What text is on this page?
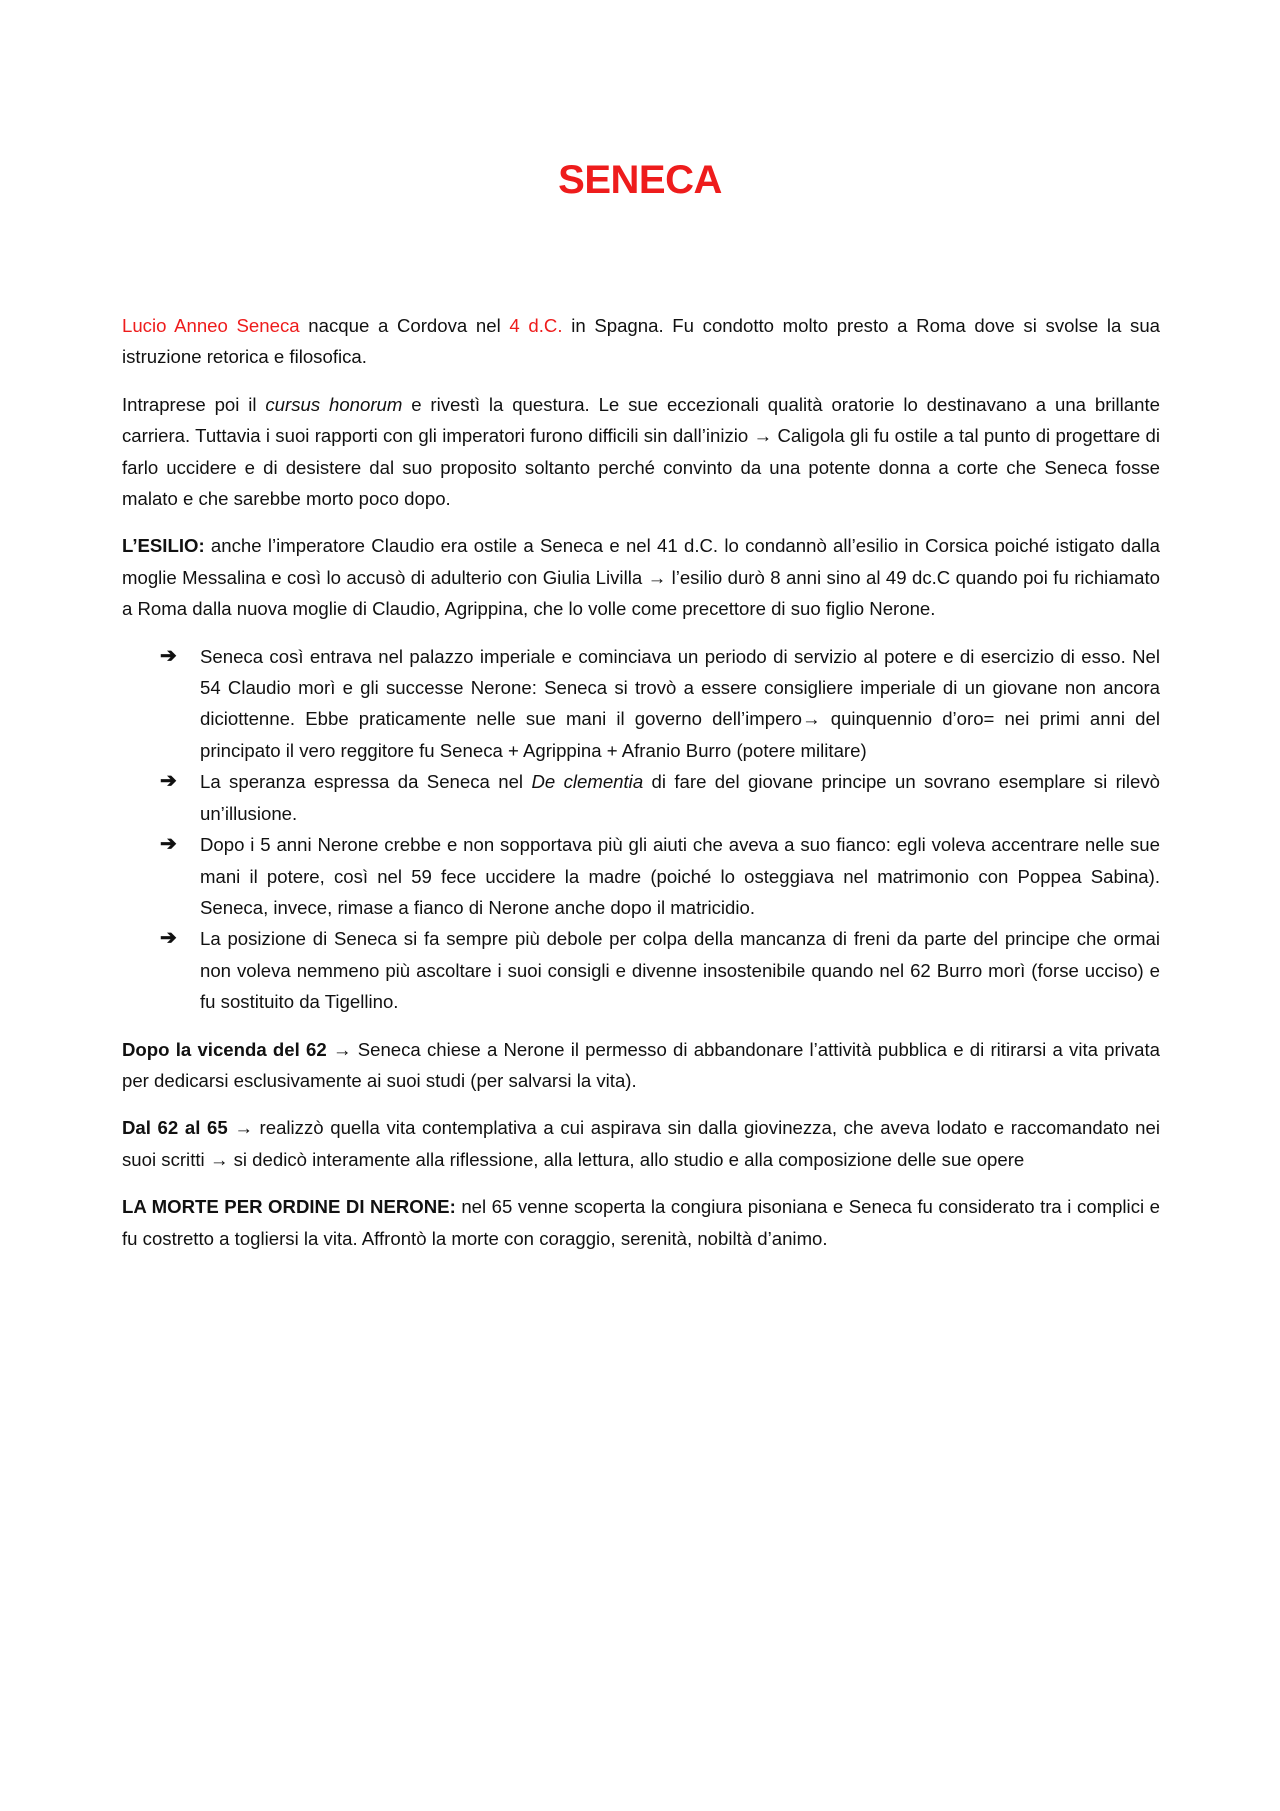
SENECA

Lucio Anneo Seneca nacque a Cordova nel 4 d.C. in Spagna. Fu condotto molto presto a Roma dove si svolse la sua istruzione retorica e filosofica.

Intraprese poi il cursus honorum e rivestì la questura. Le sue eccezionali qualità oratorie lo destinavano a una brillante carriera. Tuttavia i suoi rapporti con gli imperatori furono difficili sin dall’inizio → Caligola gli fu ostile a tal punto di progettare di farlo uccidere e di desistere dal suo proposito soltanto perché convinto da una potente donna a corte che Seneca fosse malato e che sarebbe morto poco dopo.

L’ESILIO: anche l’imperatore Claudio era ostile a Seneca e nel 41 d.C. lo condannò all’esilio in Corsica poiché istigato dalla moglie Messalina e così lo accusò di adulterio con Giulia Livilla → l’esilio durò 8 anni sino al 49 dc.C quando poi fu richiamato a Roma dalla nuova moglie di Claudio, Agrippina, che lo volle come precettore di suo figlio Nerone.

➔ Seneca così entrava nel palazzo imperiale e cominciava un periodo di servizio al potere e di esercizio di esso. Nel 54 Claudio morì e gli successe Nerone: Seneca si trovò a essere consigliere imperiale di un giovane non ancora diciottenne. Ebbe praticamente nelle sue mani il governo dell’impero→ quinquennio d’oro= nei primi anni del principato il vero reggitore fu Seneca + Agrippina + Afranio Burro (potere militare)
➔ La speranza espressa da Seneca nel De clementia di fare del giovane principe un sovrano esemplare si rilevò un’illusione.
➔ Dopo i 5 anni Nerone crebbe e non sopportava più gli aiuti che aveva a suo fianco: egli voleva accentrare nelle sue mani il potere, così nel 59 fece uccidere la madre (poiché lo osteggiava nel matrimonio con Poppea Sabina). Seneca, invece, rimase a fianco di Nerone anche dopo il matricidio.
➔ La posizione di Seneca si fa sempre più debole per colpa della mancanza di freni da parte del principe che ormai non voleva nemmeno più ascoltare i suoi consigli e divenne insostenibile quando nel 62 Burro morì (forse ucciso) e fu sostituito da Tigellino.

Dopo la vicenda del 62 → Seneca chiese a Nerone il permesso di abbandonare l’attività pubblica e di ritirarsi a vita privata per dedicarsi esclusivamente ai suoi studi (per salvarsi la vita).

Dal 62 al 65 → realizzò quella vita contemplativa a cui aspirava sin dalla giovinezza, che aveva lodato e raccomandato nei suoi scritti → si dedicò interamente alla riflessione, alla lettura, allo studio e alla composizione delle sue opere

LA MORTE PER ORDINE DI NERONE: nel 65 venne scoperta la congiura pisoniana e Seneca fu considerato tra i complici e fu costretto a togliersi la vita. Affrontò la morte con coraggio, serenità, nobiltà d’animo.
